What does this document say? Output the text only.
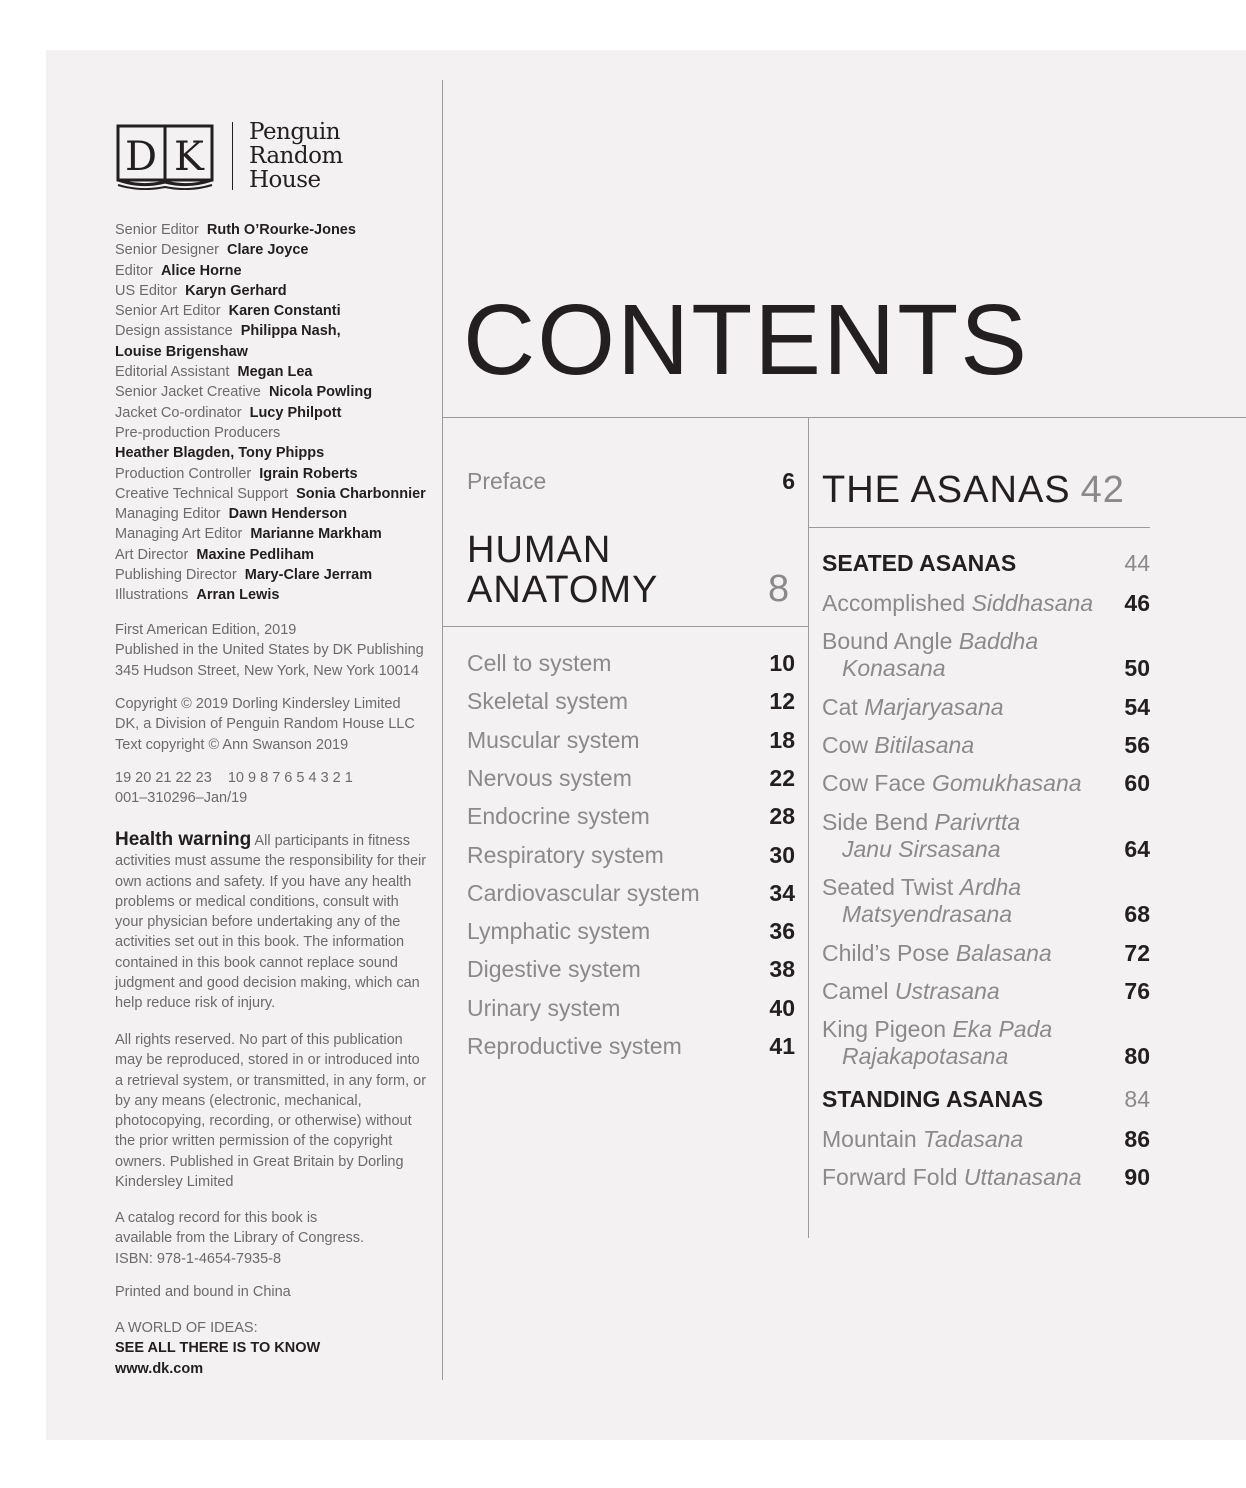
D K
Penguin
Random
House
Senior Editor Ruth O’Rourke-Jones
Senior Designer Clare Joyce
Editor Alice Horne
US Editor Karyn Gerhard
Senior Art Editor Karen Constanti
Design assistance Philippa Nash,
Louise Brigenshaw
Editorial Assistant Megan Lea
Senior Jacket Creative Nicola Powling
Jacket Co-ordinator Lucy Philpott
Pre-production Producers
Heather Blagden, Tony Phipps
Production Controller Igrain Roberts
Creative Technical Support Sonia Charbonnier
Managing Editor Dawn Henderson
Managing Art Editor Marianne Markham
Art Director Maxine Pedliham
Publishing Director Mary-Clare Jerram
Illustrations Arran Lewis
First American Edition, 2019
Published in the United States by DK Publishing
345 Hudson Street, New York, New York 10014
Copyright © 2019 Dorling Kindersley Limited
DK, a Division of Penguin Random House LLC
Text copyright © Ann Swanson 2019
19 20 21 22 23    10 9 8 7 6 5 4 3 2 1
001–310296–Jan/19
Health warning All participants in fitness activities must assume the responsibility for their own actions and safety. If you have any health problems or medical conditions, consult with your physician before undertaking any of the activities set out in this book. The information contained in this book cannot replace sound judgment and good decision making, which can help reduce risk of injury.
All rights reserved. No part of this publication may be reproduced, stored in or introduced into a retrieval system, or transmitted, in any form, or by any means (electronic, mechanical, photocopying, recording, or otherwise) without the prior written permission of the copyright owners. Published in Great Britain by Dorling Kindersley Limited
A catalog record for this book is
available from the Library of Congress.
ISBN: 978-1-4654-7935-8
Printed and bound in China
A WORLD OF IDEAS:
SEE ALL THERE IS TO KNOW
www.dk.com
CONTENTS
Preface	6
HUMAN
ANATOMY	8
Cell to system	10
Skeletal system	12
Muscular system	18
Nervous system	22
Endocrine system	28
Respiratory system	30
Cardiovascular system	34
Lymphatic system	36
Digestive system	38
Urinary system	40
Reproductive system	41
THE ASANAS 42
SEATED ASANAS	44
Accomplished Siddhasana	46
Bound Angle Baddha
Konasana	50
Cat Marjaryasana	54
Cow Bitilasana	56
Cow Face Gomukhasana	60
Side Bend Parivrtta
Janu Sirsasana	64
Seated Twist Ardha
Matsyendrasana	68
Child’s Pose Balasana	72
Camel Ustrasana	76
King Pigeon Eka Pada
Rajakapotasana	80
STANDING ASANAS	84
Mountain Tadasana	86
Forward Fold Uttanasana	90
